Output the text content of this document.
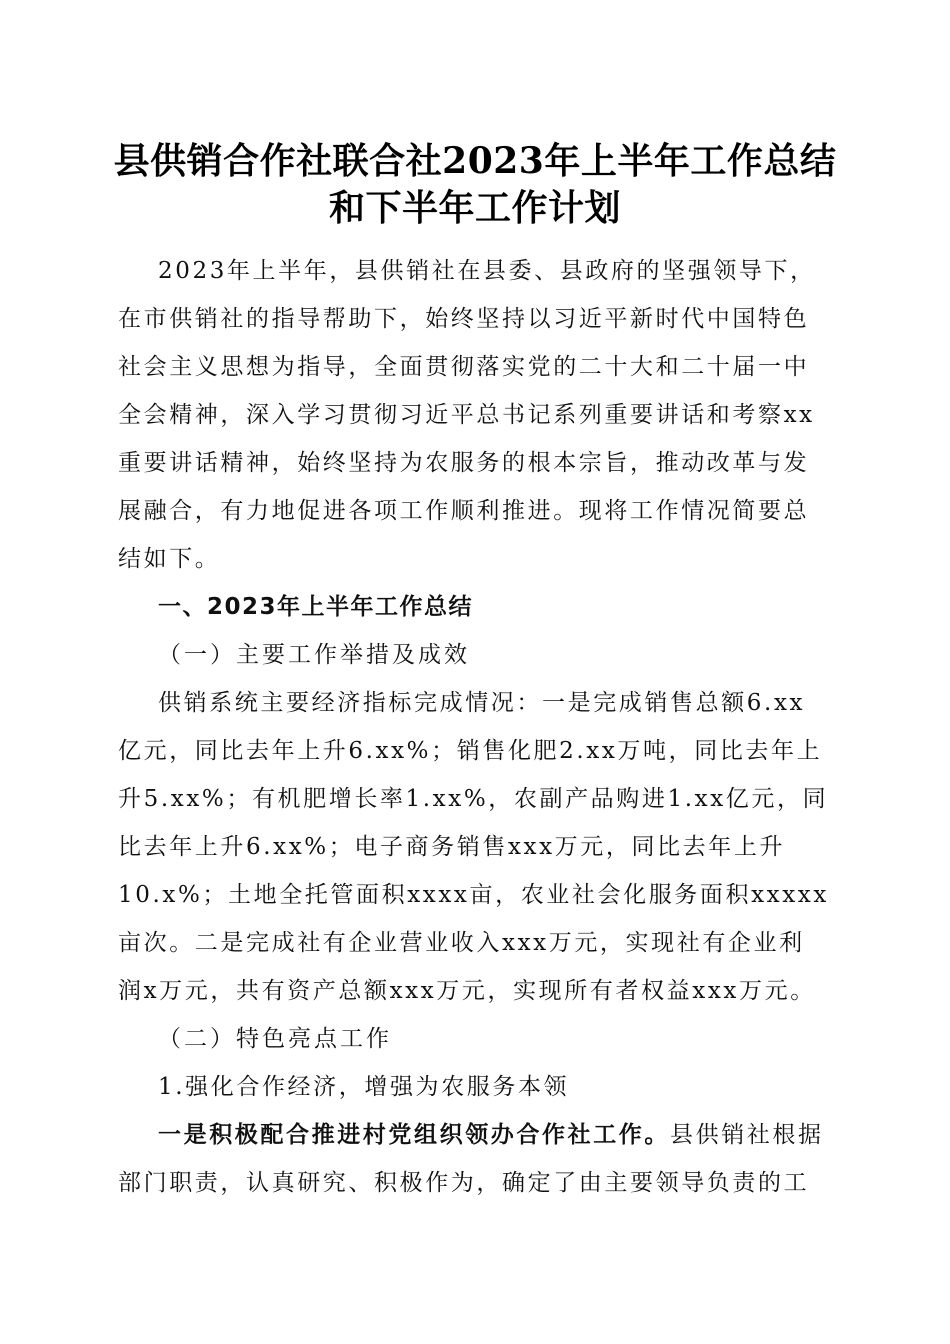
县供销合作社联合社2023年上半年工作总结
和下半年工作计划
2023年上半年，县供销社在县委、县政府的坚强领导下，
在市供销社的指导帮助下，始终坚持以习近平新时代中国特色
社会主义思想为指导，全面贯彻落实党的二十大和二十届一中
全会精神，深入学习贯彻习近平总书记系列重要讲话和考察xx
重要讲话精神，始终坚持为农服务的根本宗旨，推动改革与发
展融合，有力地促进各项工作顺利推进。现将工作情况简要总
结如下。
一、2023年上半年工作总结
（一）主要工作举措及成效
供销系统主要经济指标完成情况：一是完成销售总额6.xx
亿元，同比去年上升6.xx%；销售化肥2.xx万吨，同比去年上
升5.xx%；有机肥增长率1.xx%，农副产品购进1.xx亿元，同
比去年上升6.xx%；电子商务销售xxx万元，同比去年上升
10.x%；土地全托管面积xxxx亩，农业社会化服务面积xxxxx
亩次。二是完成社有企业营业收入xxx万元，实现社有企业利
润x万元，共有资产总额xxx万元，实现所有者权益xxx万元。
（二）特色亮点工作
1.强化合作经济，增强为农服务本领
一是积极配合推进村党组织领办合作社工作。县供销社根据
部门职责，认真研究、积极作为，确定了由主要领导负责的工
